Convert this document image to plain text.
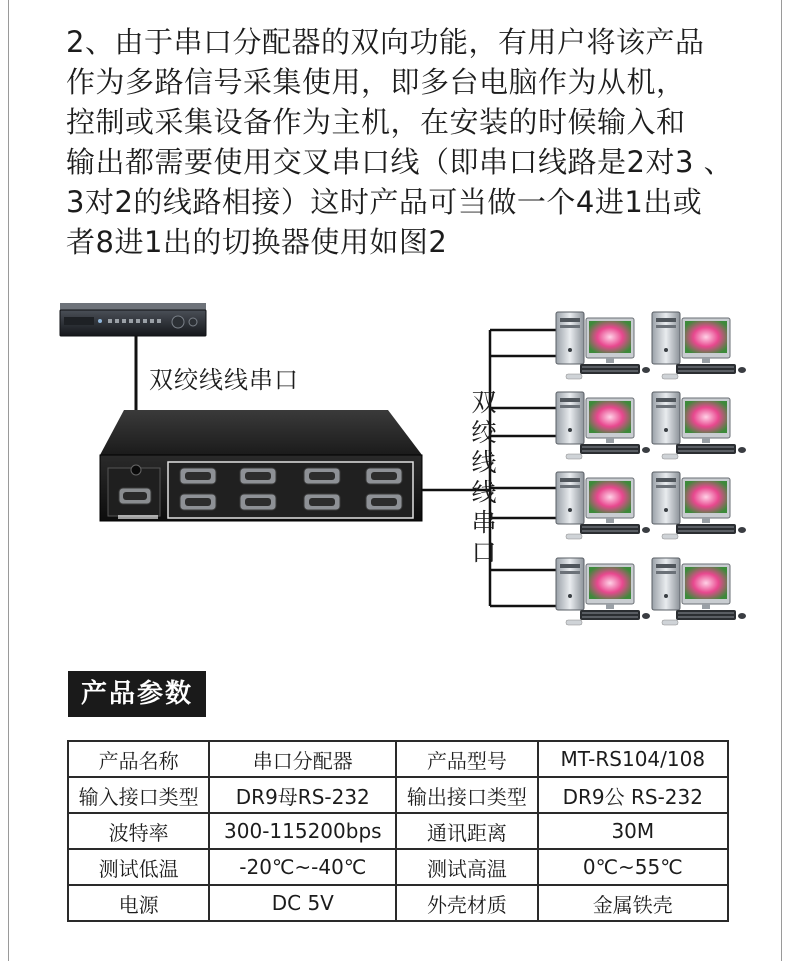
2、由于串口分配器的双向功能，有用户将该产品
作为多路信号采集使用，即多台电脑作为从机，
控制或采集设备作为主机，在安装的时候输入和
输出都需要使用交叉串口线（即串口线路是2对3 、
3对2的线路相接）这时产品可当做一个4进1出或
者8进1出的切换器使用如图2
双绞线线串口
双
绞
线
线
串
口
产品参数
产品名称	串口分配器	产品型号	MT-RS104/108
输入接口类型	DR9母RS-232	输出接口类型	DR9公 RS-232
波特率	300-115200bps	通讯距离	30M
测试低温	-20℃~-40℃	测试高温	0℃~55℃
电源	DC 5V	外壳材质	金属铁壳
